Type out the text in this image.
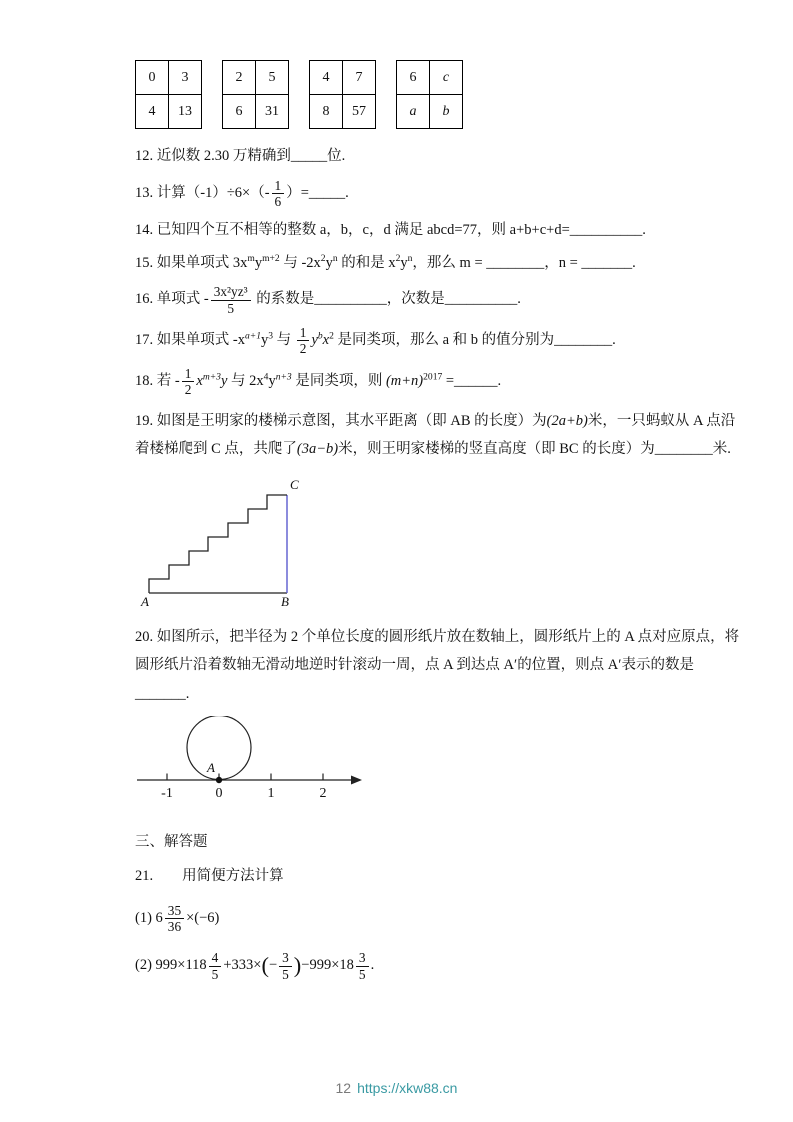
0	3
4	13
2	5
6	31
4	7
8	57
6	c
a	b
12. 近似数 2.30 万精确到_____位.
13. 计算$(-1)\div 6\times(- \frac{1}{6}$ ）=_____.
14. 已知四个互不相等的整数 a，b，c，d 满足 abcd=77，则 a+b+c+d=__________.
15. 如果单项式 $3x^my^{m+2}$ 与 $-2x^2y^n$ 的和是 $x^2y^n$，那么 m = ________，n = _______.
16. 单项式 - $\frac{\text{3x²yz³}}{5}$ 的系数是__________，次数是__________.
17. 如果单项式 $-x^{a+1}y^3$ 与 $\frac{1}{2} y^bx^2$ 是同类项，那么 a 和 b 的值分别为________.
18. 若 - $\frac{1}{2} x^{m+3}y$ 与 $2x^4y^{n+3}$ 是同类项，则 $(m+n)^{2017}$ =______.
19. 如图是王明家的楼梯示意图，其水平距离（即 AB 的长度）为(2a+b)米，一只蚂蚁从 A 点沿着楼梯爬到 C 点，共爬了(3a−b)米，则王明家楼梯的竖直高度（即 BC 的长度）为________米.
A	B
C
20. 如图所示，把半径为 2 个单位长度的圆形纸片放在数轴上，圆形纸片上的 A 点对应原点，将圆形纸片沿着数轴无滑动地逆时针滚动一周，点 A 到达点 A′的位置，则点 A′表示的数是_______.
-1	0	1	2
A
三、解答题
21.　　用简便方法计算
(1) $6 \frac{35}{36} \times(-6)$
(2) $999\times 118 \frac{4}{5} +333\times(- \frac{3}{5} )-999\times 18 \frac{3}{5}$ .
12 https://xkw88.cn
